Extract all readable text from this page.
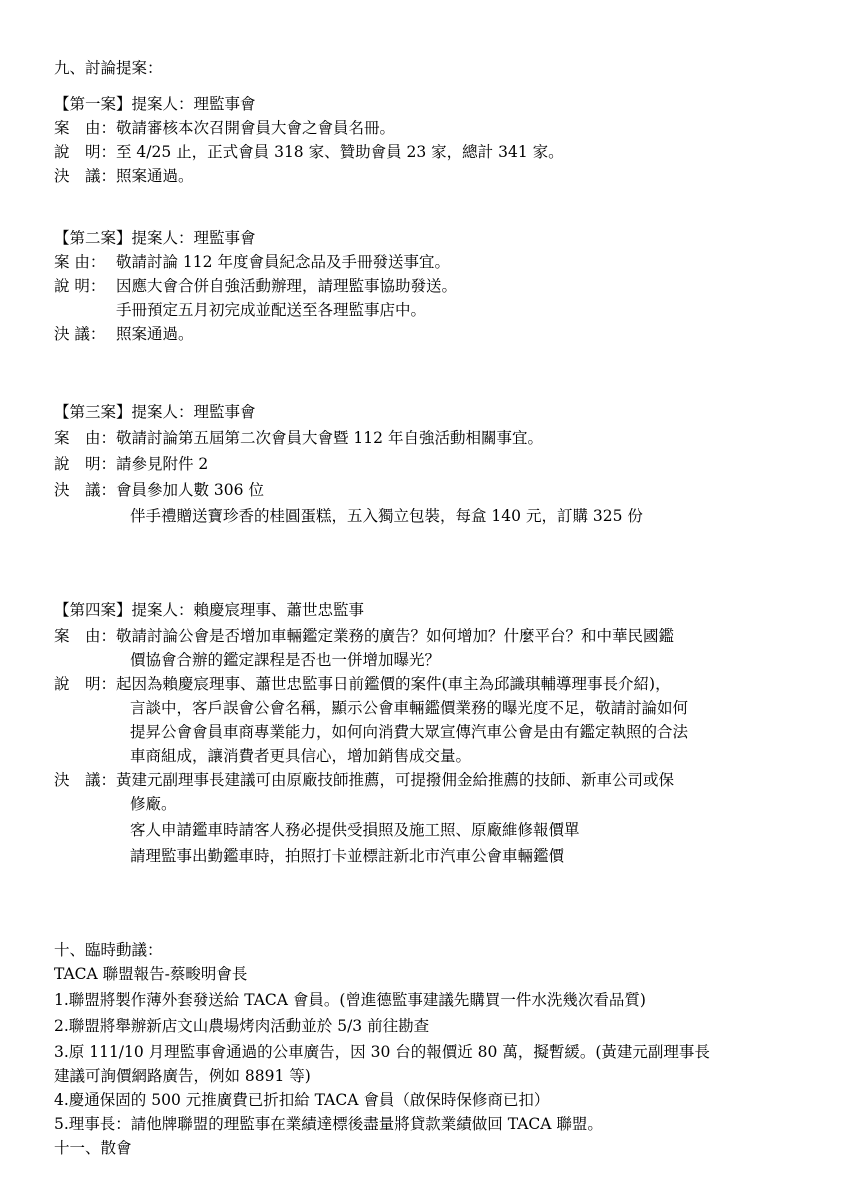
九、討論提案：
【第一案】提案人：理監事會
案　由： 敬請審核本次召開會員大會之會員名冊。
說　明： 至 4/25 止，正式會員 318 家、贊助會員 23 家，總計 341 家。
決　議： 照案通過。
【第二案】提案人：理監事會
案 由： 敬請討論 112 年度會員紀念品及手冊發送事宜。
說 明： 因應大會合併自強活動辦理，請理監事協助發送。
手冊預定五月初完成並配送至各理監事店中。
決 議： 照案通過。
【第三案】提案人：理監事會
案　由： 敬請討論第五屆第二次會員大會暨 112 年自強活動相關事宜。
說　明： 請參見附件 2
決　議： 會員參加人數 306 位
伴手禮贈送寶珍香的桂圓蛋糕，五入獨立包裝，每盒 140 元，訂購 325 份
【第四案】提案人：賴慶宸理事、蕭世忠監事
案　由： 敬請討論公會是否增加車輛鑑定業務的廣告？如何增加？什麼平台？和中華民國鑑
價協會合辦的鑑定課程是否也一併增加曝光？
說　明： 起因為賴慶宸理事、蕭世忠監事日前鑑價的案件(車主為邱識琪輔導理事長介紹)，
言談中，客戶誤會公會名稱，顯示公會車輛鑑價業務的曝光度不足，敬請討論如何
提昇公會會員車商專業能力，如何向消費大眾宣傳汽車公會是由有鑑定執照的合法
車商組成，讓消費者更具信心，增加銷售成交量。
決　議： 黃建元副理事長建議可由原廠技師推薦，可提撥佣金給推薦的技師、新車公司或保
修廠。
客人申請鑑車時請客人務必提供受損照及施工照、原廠維修報價單
請理監事出勤鑑車時，拍照打卡並標註新北市汽車公會車輛鑑價
十、臨時動議：
TACA 聯盟報告-蔡畯明會長
1.聯盟將製作薄外套發送給 TACA 會員。(曾進德監事建議先購買一件水洗幾次看品質)
2.聯盟將舉辦新店文山農場烤肉活動並於 5/3 前往勘查
3.原 111/10 月理監事會通過的公車廣告，因 30 台的報價近 80 萬，擬暫緩。(黃建元副理事長
建議可詢價網路廣告，例如 8891 等)
4.慶通保固的 500 元推廣費已折扣給 TACA 會員（啟保時保修商已扣）
5.理事長：請他牌聯盟的理監事在業績達標後盡量將貸款業績做回 TACA 聯盟。
十一、散會
